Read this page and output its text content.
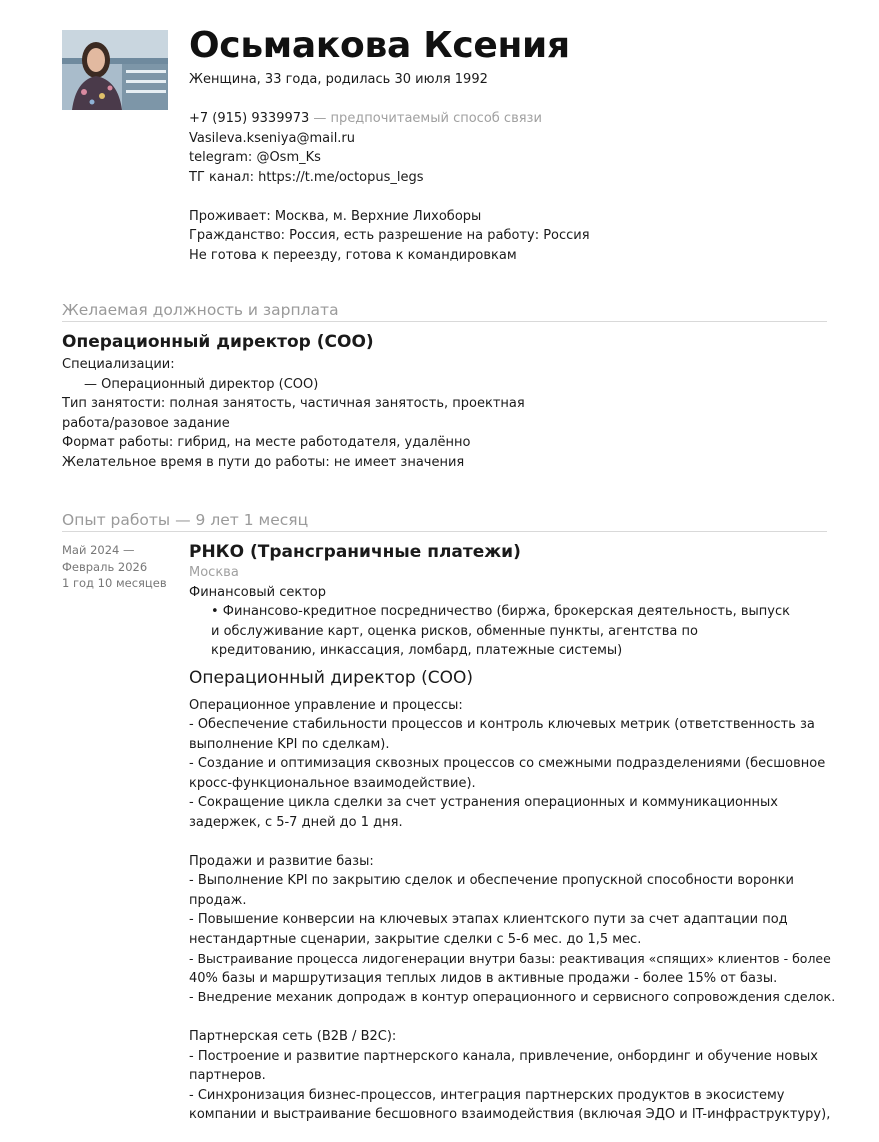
Осьмакова Ксения
Женщина, 33 года, родилась 30 июля 1992
+7 (915) 9339973 — предпочитаемый способ связи
Vasileva.kseniya@mail.ru
telegram: @Osm_Ks
ТГ канал: https://t.me/octopus_legs
Проживает: Москва, м. Верхние Лихоборы
Гражданство: Россия, есть разрешение на работу: Россия
Не готова к переезду, готова к командировкам
Желаемая должность и зарплата
Операционный директор (COO)
Специализации:
— Операционный директор (COO)
Тип занятости: полная занятость, частичная занятость, проектная работа/разовое задание
Формат работы: гибрид, на месте работодателя, удалённо
Желательное время в пути до работы: не имеет значения
Опыт работы — 9 лет 1 месяц
Май 2024 —
Февраль 2026
1 год 10 месяцев
РНКО (Трансграничные платежи)
Москва
Финансовый сектор
• Финансово-кредитное посредничество (биржа, брокерская деятельность, выпуск и обслуживание карт, оценка рисков, обменные пункты, агентства по кредитованию, инкассация, ломбард, платежные системы)
Операционный директор (COO)
Операционное управление и процессы:
- Обеспечение стабильности процессов и контроль ключевых метрик (ответственность за
выполнение KPI по сделкам).
- Создание и оптимизация сквозных процессов со смежными подразделениями (бесшовное
кросс-функциональное взаимодействие).
- Сокращение цикла сделки за счет устранения операционных и коммуникационных
задержек, с 5-7 дней до 1 дня.
Продажи и развитие базы:
- Выполнение KPI по закрытию сделок и обеспечение пропускной способности воронки
продаж.
- Повышение конверсии на ключевых этапах клиентского пути за счет адаптации под
нестандартные сценарии, закрытие сделки с 5-6 мес. до 1,5 мес.
- Выстраивание процесса лидогенерации внутри базы: реактивация «спящих» клиентов - более
40% базы и маршрутизация теплых лидов в активные продажи - более 15% от базы.
- Внедрение механик допродаж в контур операционного и сервисного сопровождения сделок.
Партнерская сеть (B2B / B2C):
- Построение и развитие партнерского канала, привлечение, онбординг и обучение новых
партнеров.
- Синхронизация бизнес-процессов, интеграция партнерских продуктов в экосистему
компании и выстраивание бесшовного взаимодействия (включая ЭДО и IT-инфраструктуру),
